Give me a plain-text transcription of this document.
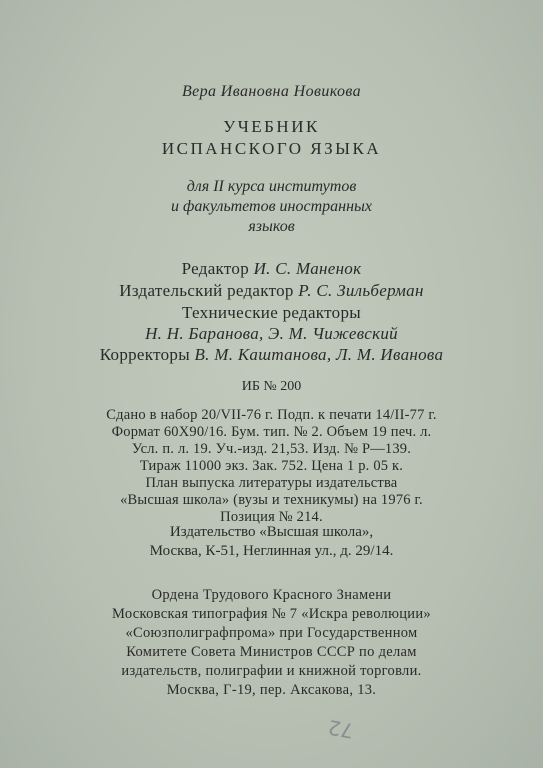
Вера Ивановна Новикова
УЧЕБНИК
ИСПАНСКОГО ЯЗЫКА
для II курса институтов
и факультетов иностранных
языков
Редактор И. С. Маненок
Издательский редактор Р. С. Зильберман
Технические редакторы
Н. Н. Баранова, Э. М. Чижевский
Корректоры В. М. Каштанова, Л. М. Иванова
ИБ № 200
Сдано в набор 20/VII-76 г. Подп. к печати 14/II-77 г.
Формат 60X90/16. Бум. тип. № 2. Объем 19 печ. л.
Усл. п. л. 19. Уч.-изд. 21,53. Изд. № Р—139.
Тираж 11000 экз. Зак. 752. Цена 1 р. 05 к.
План выпуска литературы издательства
«Высшая школа» (вузы и техникумы) на 1976 г.
Позиция № 214.
Издательство «Высшая школа»,
Москва, К-51, Неглинная ул., д. 29/14.
Ордена Трудового Красного Знамени
Московская типография № 7 «Искра революции»
«Союзполиграфпрома» при Государственном
Комитете Совета Министров СССР по делам
издательств, полиграфии и книжной торговли.
Москва, Г-19, пер. Аксакова, 13.
72
